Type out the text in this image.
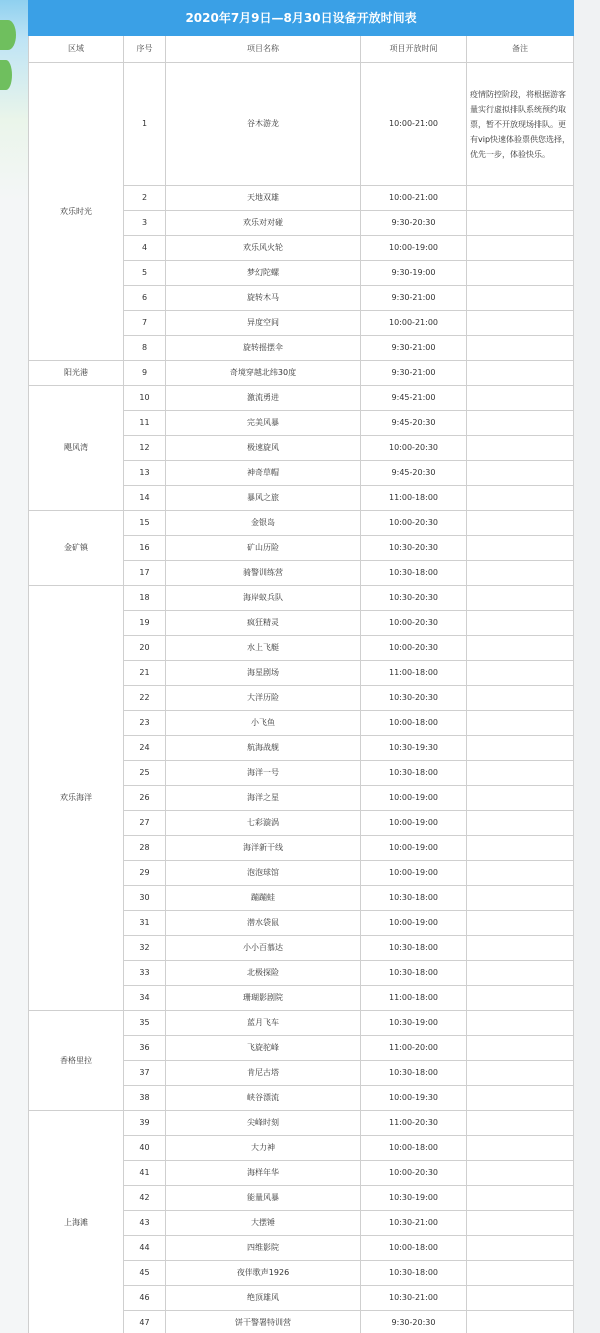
2020年7月9日—8月30日设备开放时间表				
区域	序号	项目名称	项目开放时间	备注
欢乐时光	1	谷木游龙	10:00-21:00	疫情防控阶段，将根据游客量实行虚拟排队系统预约取票，暂不开放现场排队。更有vip快速体验票供您选择，优先一步，体验快乐。
	2	天地双雄	10:00-21:00	
	3	欢乐对对碰	9:30-20:30	
	4	欢乐风火轮	10:00-19:00	
	5	梦幻陀螺	9:30-19:00	
	6	旋转木马	9:30-21:00	
	7	异度空间	10:00-21:00	
	8	旋转摇摆伞	9:30-21:00	
阳光港	9	奇境穿越北纬30度	9:30-21:00	
飓风湾	10	激流勇进	9:45-21:00	
	11	完美风暴	9:45-20:30	
	12	极速旋风	10:00-20:30	
	13	神奇草帽	9:45-20:30	
	14	暴风之旅	11:00-18:00	
金矿镇	15	金银岛	10:00-20:30	
	16	矿山历险	10:30-20:30	
	17	骑警训练营	10:30-18:00	
欢乐海洋	18	海岸蚁兵队	10:30-20:30	
	19	疯狂精灵	10:00-20:30	
	20	水上飞艇	10:00-20:30	
	21	海星剧场	11:00-18:00	
	22	大洋历险	10:30-20:30	
	23	小飞鱼	10:00-18:00	
	24	航海战舰	10:30-19:30	
	25	海洋一号	10:30-18:00	
	26	海洋之星	10:00-19:00	
	27	七彩漩涡	10:00-19:00	
	28	海洋新干线	10:00-19:00	
	29	泡泡球馆	10:00-19:00	
	30	蹦蹦蛙	10:30-18:00	
	31	潜水袋鼠	10:00-19:00	
	32	小小百慕达	10:30-18:00	
	33	北极探险	10:30-18:00	
	34	珊瑚影剧院	11:00-18:00	
香格里拉	35	蓝月飞车	10:30-19:00	
	36	飞旋驼峰	11:00-20:00	
	37	肯尼古塔	10:30-18:00	
	38	峡谷漂流	10:00-19:30	
上海滩	39	尖峰时刻	11:00-20:30	
	40	大力神	10:00-18:00	
	41	海样年华	10:00-20:30	
	42	能量风暴	10:30-19:00	
	43	大摆锤	10:30-21:00	
	44	四维影院	10:00-18:00	
	45	夜伴歌声1926	10:30-18:00	
	46	绝顶雄风	10:30-21:00	
	47	饼干警署特训营	9:30-20:30	
